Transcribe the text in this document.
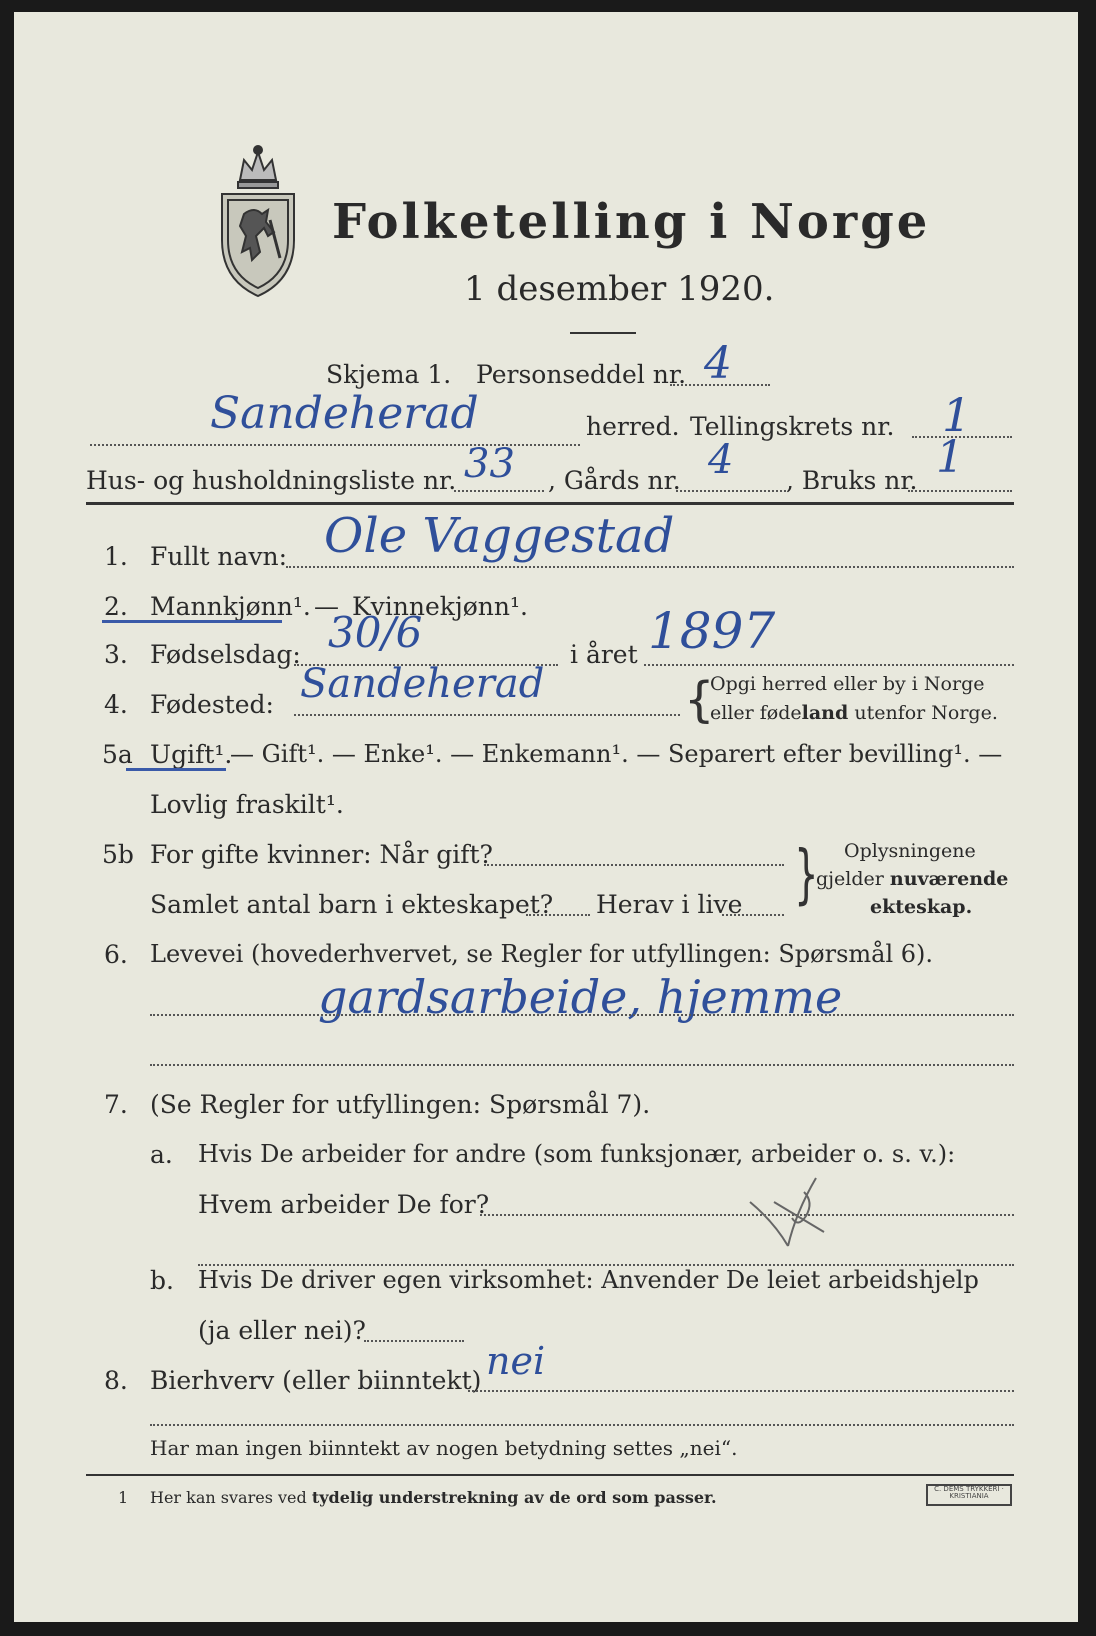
Folketelling i Norge
1 desember 1920.
Skjema 1. Personseddel nr. 4
Sandeherad	herred. Tellingskrets nr. 1
Hus- og husholdningsliste nr. 33 , Gårds nr. 4 , Bruks nr. 1
1. Fullt navn: Ole Vaggestad
2. Mannkjønn¹. — Kvinnekjønn¹.
3. Fødselsdag: 30/6	i året 1897
4. Fødested: Sandeherad	{
Opgi herred eller by i Norge
eller fødeland utenfor Norge.
5a Ugift¹.
— Gift¹. — Enke¹. — Enkemann¹. — Separert efter bevilling¹. —
Lovlig fraskilt¹.
5b For gifte kvinner: Når gift?
Samlet antal barn i ekteskapet? Herav i live } Oplysningene
gjelder nuværende
ekteskap.
6. Levevei (hovederhvervet, se Regler for utfyllingen: Spørsmål 6).
gardsarbeide, hjemme
7. (Se Regler for utfyllingen: Spørsmål 7).
a. Hvis De arbeider for andre (som funksjonær, arbeider o. s. v.):
Hvem arbeider De for?
b. Hvis De driver egen virksomhet: Anvender De leiet arbeidshjelp
(ja eller nei)?
8. Bierhverv (eller biinntekt) nei
Har man ingen biinntekt av nogen betydning settes „nei“.
1 Her kan svares ved tydelig understrekning av de ord som passer.	C. DEMS TRYKKERI · KRISTIANIA
